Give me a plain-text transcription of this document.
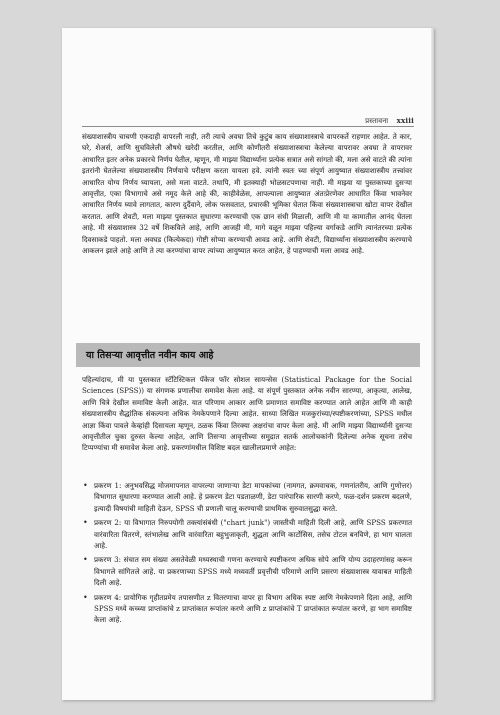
प्रस्तावना xxiii

संख्याशास्त्रीय चाचणी एकदाही वापरली नाही, तरी त्याचे अवघा तिचे कुटुंब काय संख्याशास्त्राचे वापरकर्ते राहणार आहेत. ते कार, घरे, शेअर्स, आणि सुचविलेली औषधे खरेदी करतील, आणि कोणीतरी संख्याशास्त्राचा केलेल्या वापरावर अवघा ते वापरावर आधारित इतर अनेक प्रकारचे निर्णय घेतील, म्हणून, मी माझ्या विद्यार्थ्यांना प्रत्येक सत्रात असे सांगतो की, मला असे वाटते की त्यांना इतरांनी घेतलेल्या संख्याशास्त्रीय निर्णयाचे परीक्षण करता यायला हवे. त्यांनी स्वतः च्या संपूर्ण आयुष्यात संख्याशास्त्रीय तत्त्वांवर आधारित योग्य निर्णय घ्यायला, असे मला वाटते. तथापि, मी इतक्याही भोळसटपणाचा नाही. मी माझ्या या पुस्तकाच्या दुसऱ्या आवृत्तीत, एका विभागाचे असे नमूद केले आहे की, काहीवेळेस, आपल्याला आयुष्यात अंतःप्रेरणेवर आधारित किंवा भावनेवर आधारित निर्णय घ्यावे लागतात, कारण दुर्दैवाने, लोक फसवतात, प्रचारकी भूमिका घेतात किंवा संख्याशास्त्राचा खोटा वापर देखील करतात. आणि शेवटी, मला माझ्या पुस्तकात सुधारणा करण्याची एक छान संधी मिळाली, आणि मी या कामातील आनंद घेतला आहे. मी संख्याशास्त्र 32 वर्षे शिकविले आहे, आणि आजही मी, मागे वळून माझ्या पहिल्या वर्गाकडे आणि त्यानंतरच्या प्रत्येक दिवसाकडे पाहतो. मला अवघड (कित्येकदा) गोष्टी सोप्या करण्याची आवड आहे. आणि शेवटी, विद्यार्थ्यांना संख्याशास्त्रीय करण्याचे आकलन झाले आहे आणि ते त्या करण्यांचा वापर त्यांच्या आयुष्यात करत आहेत, हे पाहण्याची मला आवड आहे.

या तिसऱ्या आवृत्तीत नवीन काय आहे

पहिल्यांदाच, मी या पुस्तकात स्टॅटिस्टिकल पॅकेज फॉर सोशल सायन्सेस (Statistical Package for the Social Sciences (SPSS)) या संगणक प्रणालीचा समावेश केला आहे. या संपूर्ण पुस्तकात अनेक नवीन सारण्या, आकृत्या, आलेख, आणि चित्रे देखील समाविष्ट केली आहेत. यात परिणाम आकार आणि प्रमाणात समाविष्ट करण्यात आले आहेत आणि मी काही संख्याशास्त्रीय सैद्धांतिक संकल्पना अधिक नेमकेपणाने दिल्या आहेत. साध्या लिखित मजकुरांच्या/स्पष्टीकरणांच्या, SPSS मधील आज्ञा किंवा पावले केव्हांही दिसायला म्हणून, ठळक किंवा तिरक्या अक्षरांचा वापर केला आहे. मी आणि माझ्या विद्यार्थ्यांनी दुसऱ्या आवृत्तीतील चुका दुरुस्त केल्या आहेत, आणि तिसऱ्या आवृत्तीच्या समुद्रात सतर्क आलोचकांनी दिलेल्या अनेक सूचना तसेच टिप्पण्यांचा मी समावेश केला आहे. प्रकरणांमधील विशिष्ट बदल खालीलप्रमाणे आहेत:

• प्रकरण 1: अनुभवसिद्ध मोजमापनात वापरल्या जाणाऱ्या डेटा मापकांच्या (नामगत, क्रमवाचक, गणनांतरीय, आणि गुणोत्तर) विभागात सुधारणा करण्यात आली आहे. हे प्रकरण डेटा पडताळणी, डेटा पारंपारिक सारणी करणे, फळ-दर्शन प्रकरण बदलणे, इत्यादी विषयांची माहिती देऊन, SPSS ची प्रणाली चालू करण्याची प्राथमिक सुरुवातसुद्धा करते.
• प्रकरण 2: या विभागात निरुपयोगी तक्त्यांसंबंधी ("chart junk") जास्तीची माहिती दिली आहे, आणि SPSS प्रकरणात वारंवारिता वितरणे, स्तंभालेख आणि वारंवारिता बहुभुजाकृती, शुद्धता आणि कार्टोसिस, तसेच टोटल बनविणे, हा भाग घालता आहे.
• प्रकरण 3: संचात सम संख्या असतेवेळी मध्यस्थाची गणना करण्याचे स्पष्टीकरण अधिक सोपे आणि योग्य उदाहरणांसह करून विभागले सांगितले आहे. या प्रकरणाच्या SPSS मध्ये मध्यवर्ती प्रवृत्तीची परिमाणे आणि प्रसरण संख्याशास्त्र यावाबत माहिती दिली आहे.
• प्रकरण 4: प्रायोगिक गृहीतप्रमेय तपासणीत z वितरणाचा वापर हा विभाग अधिक स्पष्ट आणि नेमकेपणाने दिला आहे, आणि SPSS मध्ये कच्च्या प्राप्तांकांचे z प्राप्तांकात रूपांतर करणे आणि z प्राप्तांकांचे T प्राप्तांकात रूपांतर करणे, हा भाग समाविष्ट केला आहे.
